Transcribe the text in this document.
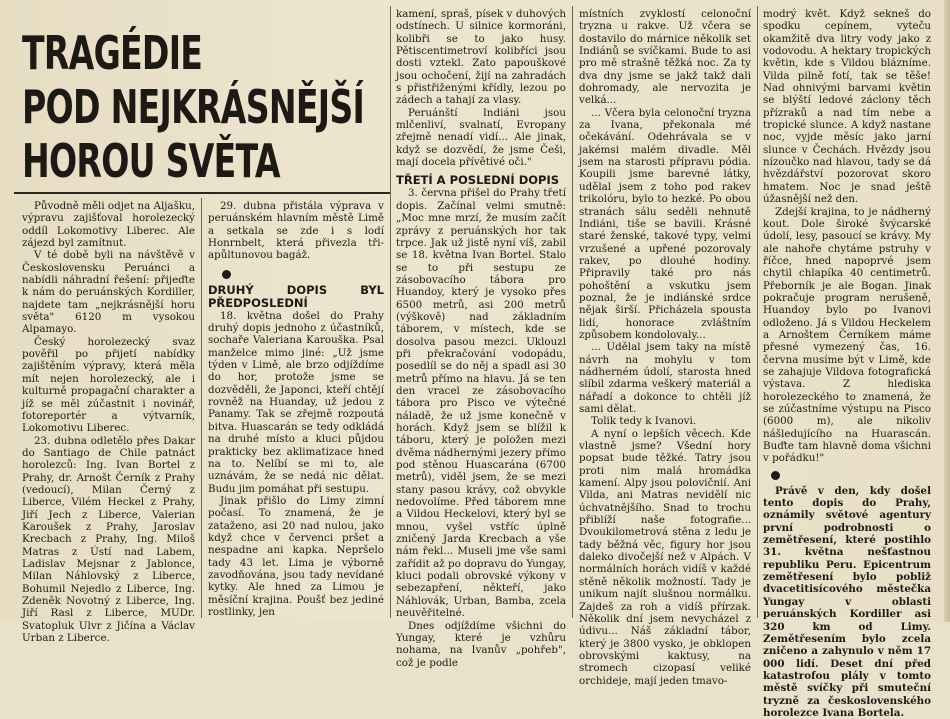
TRAGÉDIE
POD NEJKRÁSNĚJŠÍ
HOROU SVĚTA

Původně měli odjet na Aljašku, výpravu zajišťoval horolezecký oddíl Lokomotivy Liberec. Ale zájezd byl zamítnut.

V té době byli na návštěvě v Československu Peruánci a nabídli náhradní řešení: přijeďte k nám do peruánských Kordiller, najdete tam „nejkrásnější horu světa" 6120 m vysokou Alpamayo.

Český horolezecký svaz pověřil po přijetí nabídky zajištěním výpravy, která měla mít nejen horolezecký, ale i kulturně propagační charakter a jíž se měl zúčastnit i novinář, fotoreportér a výtvarník, Lokomotivu Liberec.

23. dubna odletělo přes Dakar do Santiago de Chile patnáct horolezců: Ing. Ivan Bortel z Prahy, dr. Arnošt Černík z Prahy (vedoucí), Milan Černý z Liberce, Vilém Heckel z Prahy, Jiří Jech z Liberce, Valerian Karoušek z Prahy, Jaroslav Krecbach z Prahy, Ing. Miloš Matras z Ústí nad Labem, Ladislav Mejsnar z Jablonce, Milan Náhlovský z Liberce, Bohumil Nejedlo z Liberce, Ing. Zdeněk Novotný z Liberce, Ing. Jiří Rasl z Liberce, MUDr. Svatopluk Ulvr z Jičína a Václav Urban z Liberce.

29. dubna přistála výprava v peruánském hlavním městě Limě a setkala se zde i s lodí Honrnbelt, která přivezla tři-apůltunovou bagáž.

DRUHÝ DOPIS BYL PŘEDPOSLEDNÍ

18. května došel do Prahy druhý dopis jednoho z účastníků, sochaře Valeriana Karouška. Psal manželce mimo jiné: „Už jsme týden v Limě, ale brzo odjíždíme do hor, protože jsme se dozvěděli, že Japonci, kteří chtějí rovněž na Huanday, už jedou z Panamy. Tak se zřejmě rozpoutá bitva. Huascarán se tedy odkládá na druhé místo a kluci půjdou prakticky bez aklimatizace hned na to. Nelíbí se mi to, ale uznávám, že se nedá nic dělat. Budu jim pomáhat při sestupu.

Jinak přišlo do Limy zimní počasí. To znamená, že je zataženo, asi 20 nad nulou, jako když chce v červenci pršet a nespadne ani kapka. Nepršelo tady 43 let. Lima je výborně zavodňována, jsou tady nevídané kytky. Ale hned za Limou je měsíční krajina. Poušť bez jediné rostlinky, jen

kamení, spraš, písek v duhových odstínech. U silnice kormoráni, kolibři se to jako husy. Pětiscentimetroví kolibříci jsou dosti vztekl. Zato papouškové jsou ochočení, žijí na zahradách s přistřiženými křídly, lezou po zádech a tahají za vlasy.

Peruánští Indiáni jsou mlčenliví, svalnatí, Evropany zřejmě nenadí vidí... Ale jinak, když se dozvědí, že jsme Češi, mají docela přívětivé oči."

TŘETÍ A POSLEDNÍ DOPIS

3. června přišel do Prahy třetí dopis. Začínal velmi smutně: „Moc mne mrzí, že musím začít zprávy z peruánských hor tak trpce. Jak už jistě nyní víš, zabil se 18. května Ivan Bortel. Stalo se to při sestupu ze zásobovacího tábora pro Huandoy, který je vysoko přes 6500 metrů, asi 200 metrů (výškově) nad základním táborem, v místech, kde se dosolva pasou mezci. Uklouzl při překračování vodopádu, posedlíl se do něj a spadl asi 30 metrů přímo na hlavu. Já se ten den vracel ze zásobovacího tábora pro Pisco ve výtečné náladě, že už jsme konečně v horách. Když jsem se blížil k táboru, který je položen mezi dvěma nádhernými jezery přímo pod stěnou Huascarána (6700 metrů), viděl jsem, že se mezi stany pasou krávy, což obvykle nedovolíme. Před táborem mne a Vildou Heckelovi, který byl se mnou, vyšel vstříc úplně zničený Jarda Krecbach a vše nám řekl... Museli jme vše sami zařídit až po dopravu do Yungay, kluci podali obrovské výkony v sebezapření, někteří, jako Náhlovák, Urban, Bamba, zcela neuvěřitelné.

Dnes odjíždíme všichni do Yungay, které je vzhůru nohama, na Ivanův „pohřeb", což je podle

místních zvyklostí celonoční tryzna u rakve. Už včera se dostavilo do márnice několik set Indiánů se svíčkami. Bude to asi pro mě strašně těžká noc. Za ty dva dny jsme se jakž takž dali dohromady, ale nervozita je velká...

... Včera byla celonoční tryzna za Ivana, překonala mé očekávání. Odehrávala se v jakémsi malém divadle. Měl jsem na starosti přípravu pódia. Koupili jsme barevné látky, udělal jsem z toho pod rakev trikolóru, bylo to hezké. Po obou stranách sálu seděli nehnutě Indiáni, tiše se bavili. Krásné staré ženské, takové typy, velmi vrzušené a upřené pozorovaly rakev, po dlouhé hodiny. Připravily také pro nás pohoštění a vskutku jsem poznal, že je indiánské srdce nějak širší. Přicházela spousta lidí, honorace zvláštním způsobem kondolovaly...

... Udělal jsem taky na místě návrh na mohylu v tom nádherném údolí, starosta hned slíbil zdarma veškerý materiál a nářadí a dokonce to chtěli jíž sami dělat.

Tolik tedy k Ivanovi.

A nyní o lepších věcech. Kde vlastně jsme? Všední hory popsat bude těžké. Tatry jsou proti nim malá hromádka kamení. Alpy jsou polovičnií. Ani Vilda, ani Matras nevidělí nic úchvatnějšího. Snad to trochu přiblíží naše fotografie... Dvoukilometrová stěna z ledu je tady běžná věc, figury hor jsou daleko divočejší než v Alpách. V normálních horách vidíš v každé stěně několik možností. Tady je unikum najít slušnou normálku. Zajdeš za roh a vidíš přírzak. Několik dní jsem nevycházel z údivu... Náš základní tábor, který je 3800 vysko, je obklopen obrovskými kaktusy, na stromech cizopasí veliké orchideje, mají jeden tmavo-

modrý květ. Když sekneš do spodku cepínem, vyteču okamžitě dva litry vody jako z vodovodu. A hektary tropických květin, kde s Vildou blázníme. Vilda pilně fotí, tak se těše! Nad ohnivými barvami květin se blýští ledové záclony těch přízraků a nad tím nebe a tropické slunce. A když nastane noc, vyjde měsíc jako jarní slunce v Čechách. Hvězdy jsou nízoučko nad hlavou, tady se dá hvězdářství pozorovat skoro hmatem. Noc je snad ještě úžasnější než den.

Zdejší krajina, to je nádherný kout. Dole široké švýcarské údolí, lesy, pasoucí se krávy. My ale nahoře chytáme pstruhy v říčce, hned napoprvé jsem chytil chlapíka 40 centimetrů. Přeborník je ale Bogan. Jinak pokračuje program nerušeně, Huandoy bylo po Ivanovi odloženo. Já s Vildou Heckelem a Arnoštem Černíkem máme přesné vymezený čas, 16. června musíme být v Limě, kde se zahajuje Vildova fotografická výstava. Z hlediska horolezeckého to znamená, že se zúčastníme výstupu na Pisco (6000 m), ale nikoliv nášledujícího na Huarascán. Buďte tam hlavně doma všichni v pořádku!"

Právě v den, kdy došel tento dopis do Prahy, oznámily světové agentury první podrobnosti o zemětřesení, které postihlo 31. května nešťastnou republiku Peru. Epicentrum zemětřesení bylo pobliž dvacetitisícového městečka Yungay v oblasti peruánských Kordiller asi 320 km od Limy. Zemětřesením bylo zcela zničeno a zahynulo v něm 17 000 lidí. Deset dní před katastrofou plály v tomto městě svíčky při smuteční tryzně za československého horolezce Ivana Bortela.
